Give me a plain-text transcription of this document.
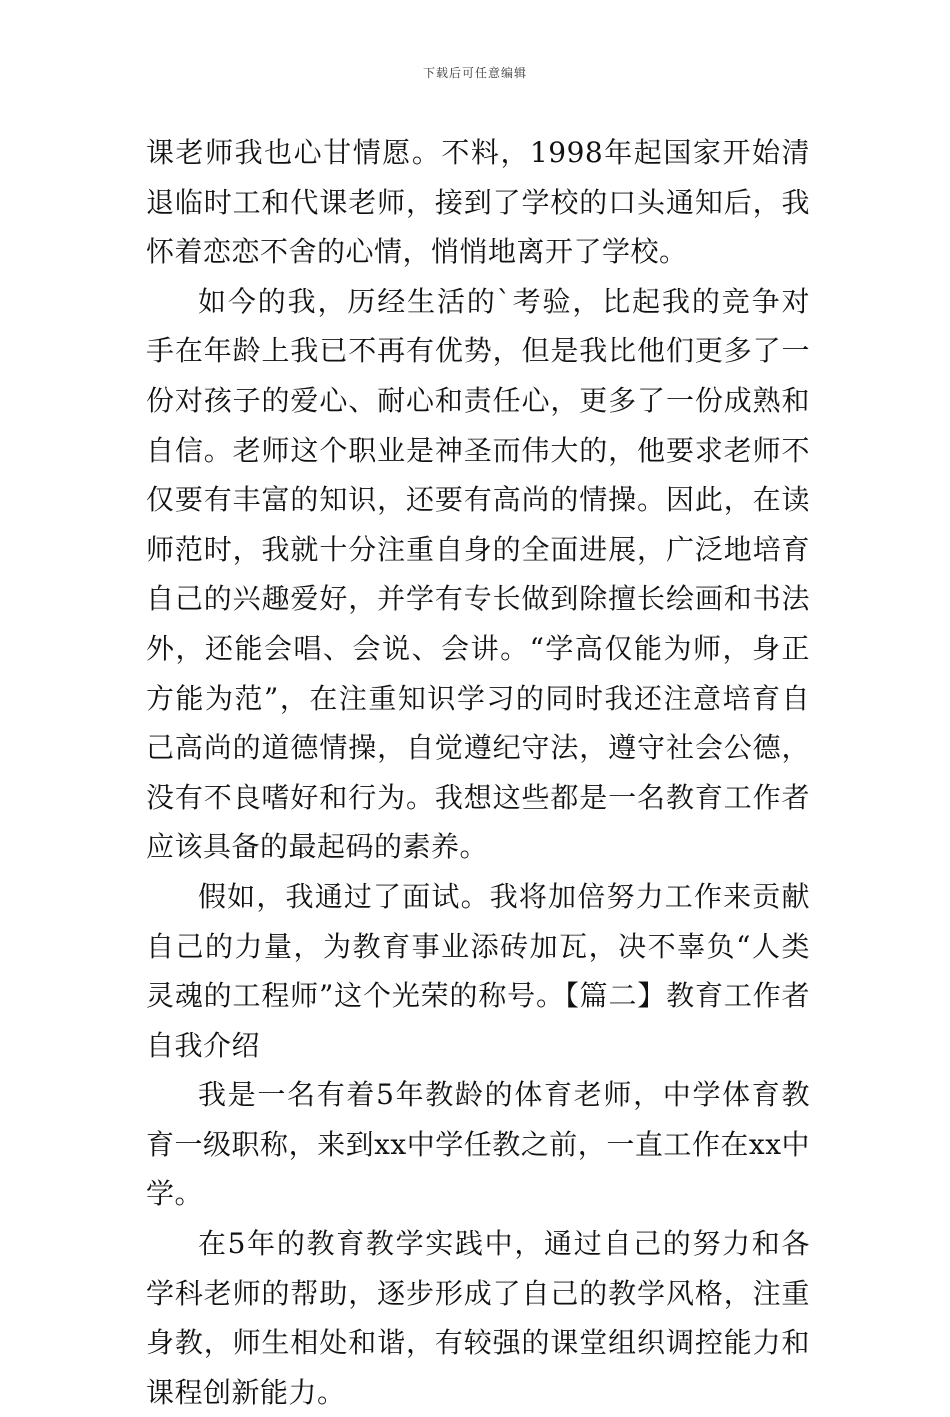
下载后可任意编辑

课老师我也心甘情愿。不料，1998年起国家开始清退临时工和代课老师，接到了学校的口头通知后，我怀着恋恋不舍的心情，悄悄地离开了学校。

如今的我，历经生活的`考验，比起我的竞争对手在年龄上我已不再有优势，但是我比他们更多了一份对孩子的爱心、耐心和责任心，更多了一份成熟和自信。老师这个职业是神圣而伟大的，他要求老师不仅要有丰富的知识，还要有高尚的情操。因此，在读师范时，我就十分注重自身的全面进展，广泛地培育自己的兴趣爱好，并学有专长做到除擅长绘画和书法外，还能会唱、会说、会讲。“学高仅能为师，身正方能为范”，在注重知识学习的同时我还注意培育自己高尚的道德情操，自觉遵纪守法，遵守社会公德，没有不良嗜好和行为。我想这些都是一名教育工作者应该具备的最起码的素养。

假如，我通过了面试。我将加倍努力工作来贡献自己的力量，为教育事业添砖加瓦，决不辜负“人类灵魂的工程师”这个光荣的称号。【篇二】教育工作者自我介绍

我是一名有着5年教龄的体育老师，中学体育教育一级职称，来到xx中学任教之前，一直工作在xx中学。

在5年的教育教学实践中，通过自己的努力和各学科老师的帮助，逐步形成了自己的教学风格，注重身教，师生相处和谐，有较强的课堂组织调控能力和课程创新能力。
